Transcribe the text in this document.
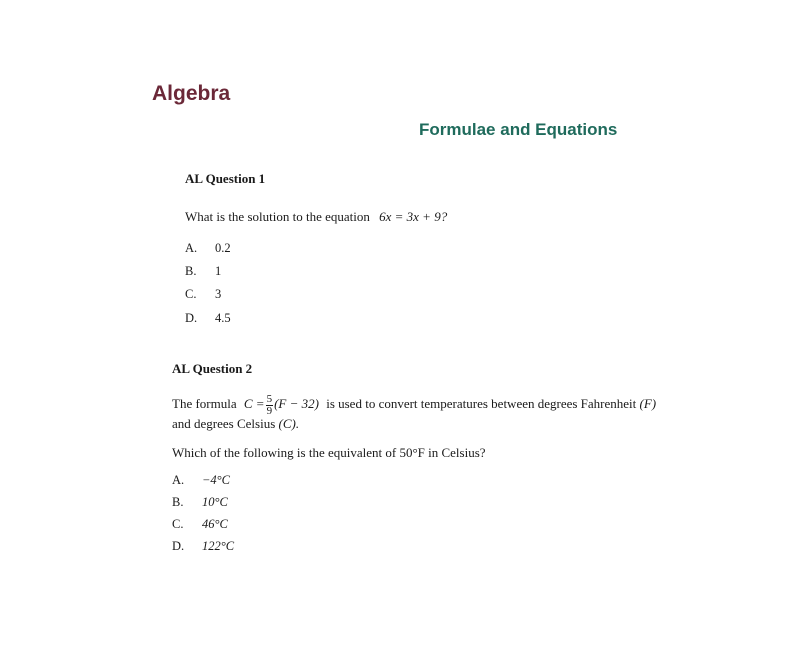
Algebra
Formulae and Equations
AL Question 1
What is the solution to the equation 6x = 3x + 9?
A. 0.2
B. 1
C. 3
D. 4.5
AL Question 2
The formula $C = \frac{5}{9} (F - 32)$ is used to convert temperatures between degrees Fahrenheit (F)
and degrees Celsius (C).
Which of the following is the equivalent of 50°F in Celsius?
A. −4°C
B. 10°C
C. 46°C
D. 122°C
